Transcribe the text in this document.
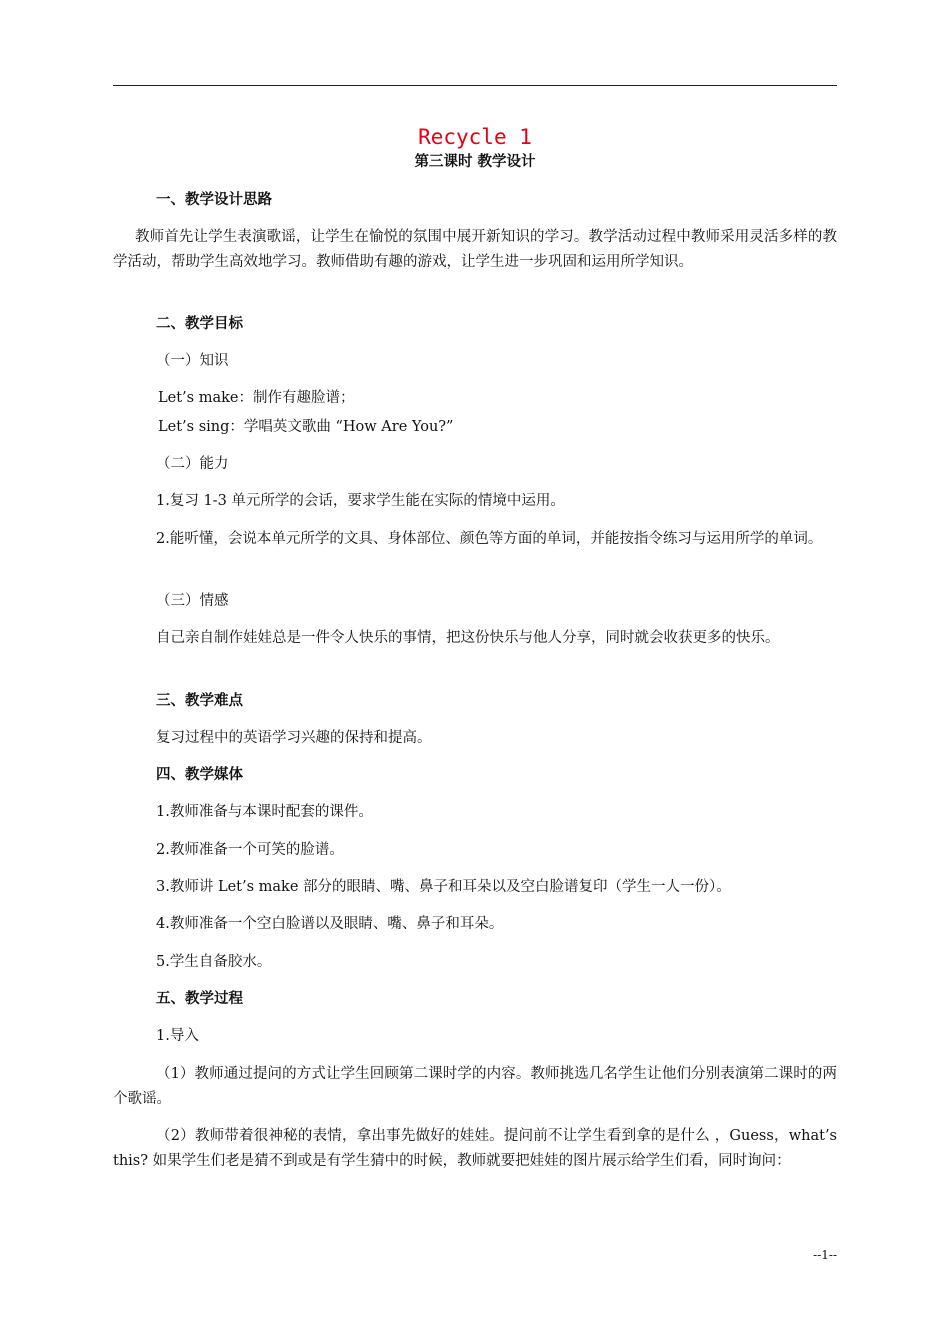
Recycle 1
第三课时 教学设计
一、教学设计思路
教师首先让学生表演歌谣，让学生在愉悦的氛围中展开新知识的学习。教学活动过程中教师采用灵活多样的教学活动，帮助学生高效地学习。教师借助有趣的游戏，让学生进一步巩固和运用所学知识。
二、教学目标
（一）知识
Let’s make：制作有趣脸谱；
Let’s sing：学唱英文歌曲 “How Are You?”
（二）能力
1.复习 1-3 单元所学的会话，要求学生能在实际的情境中运用。
2.能听懂，会说本单元所学的文具、身体部位、颜色等方面的单词，并能按指令练习与运用所学的单词。
（三）情感
自己亲自制作娃娃总是一件令人快乐的事情，把这份快乐与他人分享，同时就会收获更多的快乐。
三、教学难点
复习过程中的英语学习兴趣的保持和提高。
四、教学媒体
1.教师准备与本课时配套的课件。
2.教师准备一个可笑的脸谱。
3.教师讲 Let’s make 部分的眼睛、嘴、鼻子和耳朵以及空白脸谱复印（学生一人一份）。
4.教师准备一个空白脸谱以及眼睛、嘴、鼻子和耳朵。
5.学生自备胶水。
五、教学过程
1.导入
（1）教师通过提问的方式让学生回顾第二课时学的内容。教师挑选几名学生让他们分别表演第二课时的两个歌谣。
（2）教师带着很神秘的表情，拿出事先做好的娃娃。提问前不让学生看到拿的是什么 ，Guess，what’s this? 如果学生们老是猜不到或是有学生猜中的时候，教师就要把娃娃的图片展示给学生们看，同时询问：
--1--
